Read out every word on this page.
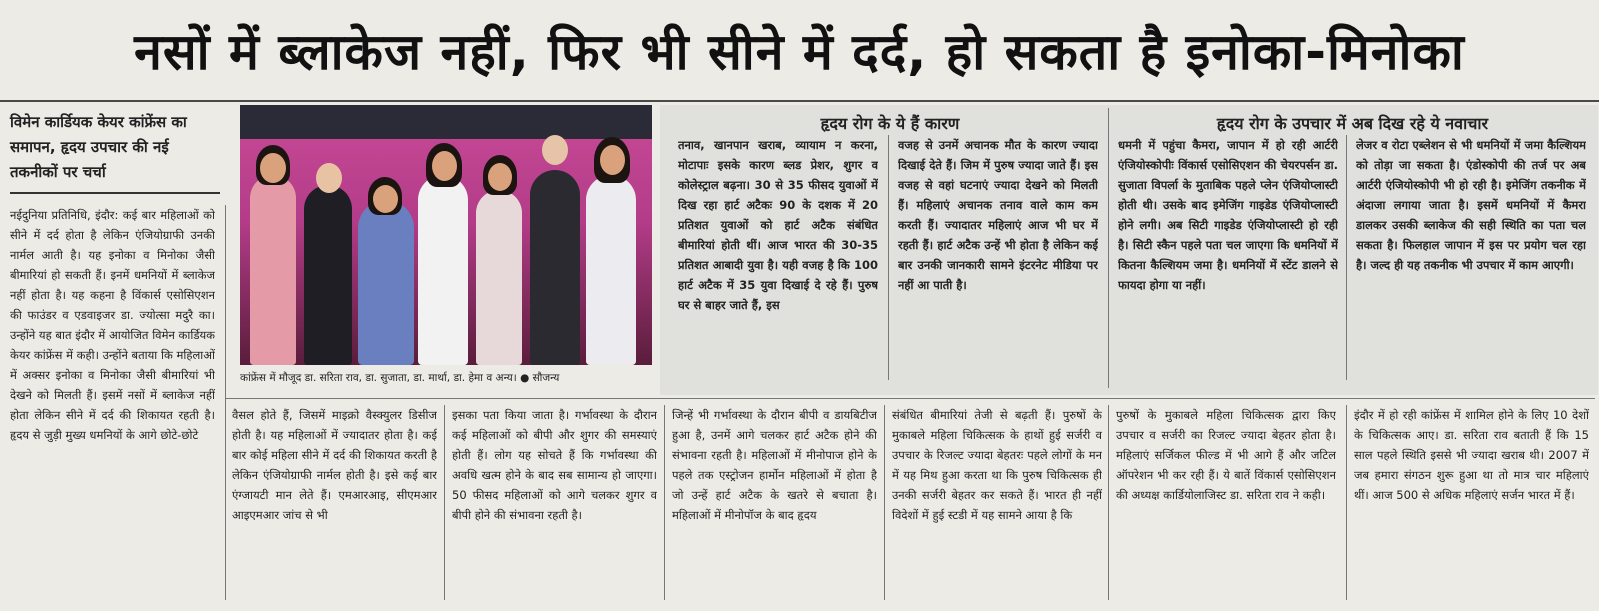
नसों में ब्लाकेज नहीं, फिर भी सीने में दर्द, हो सकता है इनोका-मिनोका
विमेन कार्डियक केयर कांफ्रेंस का समापन, हृदय उपचार की नई तकनीकों पर चर्चा
नईदुनिया प्रतिनिधि, इंदौर: कई बार महिलाओं को सीने में दर्द होता है लेकिन एंजियोग्राफी उनकी नार्मल आती है। यह इनोका व मिनोका जैसी बीमारियां हो सकती हैं। इनमें धमनियों में ब्लाकेज नहीं होता है। यह कहना है विंकार्स एसोसिएशन की फाउंडर व एडवाइजर डा. ज्योत्सा मदुरै का। उन्होंने यह बात इंदौर में आयोजित विमेन कार्डियक केयर कांफ्रेंस में कही। उन्होंने बताया कि महिलाओं में अक्सर इनोका व मिनोका जैसी बीमारियां भी देखने को मिलती हैं। इसमें नसों में ब्लाकेज नहीं होता लेकिन सीने में दर्द की शिकायत रहती है। हृदय से जुड़ी मुख्य धमनियों के आगे छोटे-छोटे
कांफ्रेंस में मौजूद डा. सरिता राव, डा. सुजाता, डा. मार्था, डा. हेमा व अन्य। ● सौजन्य
हृदय रोग के ये हैं कारण
तनाव, खानपान खराब, व्यायाम न करना, मोटापाः इसके कारण ब्लड प्रेशर, शुगर व कोलेस्ट्राल बढ़ना। 30 से 35 फीसद युवाओं में दिख रहा हार्ट अटैकः 90 के दशक में 20 प्रतिशत युवाओं को हार्ट अटैक संबंधित बीमारियां होती थीं। आज भारत की 30-35 प्रतिशत आबादी युवा है। यही वजह है कि 100 हार्ट अटैक में 35 युवा दिखाई दे रहे हैं। पुरुष घर से बाहर जाते हैं, इस
वजह से उनमें अचानक मौत के कारण ज्यादा दिखाई देते हैं। जिम में पुरुष ज्यादा जाते हैं। इस वजह से वहां घटनाएं ज्यादा देखने को मिलती हैं। महिलाएं अचानक तनाव वाले काम कम करती हैं। ज्यादातर महिलाएं आज भी घर में रहती हैं। हार्ट अटैक उन्हें भी होता है लेकिन कई बार उनकी जानकारी सामने इंटरनेट मीडिया पर नहीं आ पाती है।
हृदय रोग के उपचार में अब दिख रहे ये नवाचार
धमनी में पहुंचा कैमरा, जापान में हो रही आर्टरी एंजियोस्कोपीः विंकार्स एसोसिएशन की चेयरपर्सन डा. सुजाता विपर्ला के मुताबिक पहले प्लेन एंजियोप्लास्टी होती थी। उसके बाद इमेजिंग गाइडेड एंजियोप्लास्टी होने लगी। अब सिटी गाइडेड एंजियोप्लास्टी हो रही है। सिटी स्कैन पहले पता चल जाएगा कि धमनियों में कितना कैल्शियम जमा है। धमनियों में स्टेंट डालने से फायदा होगा या नहीं।
लेजर व रोटा एब्लेशन से भी धमनियों में जमा कैल्शियम को तोड़ा जा सकता है। एंडोस्कोपी की तर्ज पर अब आर्टरी एंजियोस्कोपी भी हो रही है। इमेजिंग तकनीक में अंदाजा लगाया जाता है। इसमें धमनियों में कैमरा डालकर उसकी ब्लाकेज की सही स्थिति का पता चल सकता है। फिलहाल जापान में इस पर प्रयोग चल रहा है। जल्द ही यह तकनीक भी उपचार में काम आएगी।
वैसल होते हैं, जिसमें माइक्रो वैस्क्युलर डिसीज होती है। यह महिलाओं में ज्यादातर होता है। कई बार कोई महिला सीने में दर्द की शिकायत करती है लेकिन एंजियोग्राफी नार्मल होती है। इसे कई बार एंग्जायटी मान लेते हैं। एमआरआइ, सीएमआर आइएमआर जांच से भी
इसका पता किया जाता है। गर्भावस्था के दौरान कई महिलाओं को बीपी और शुगर की समस्याएं होती हैं। लोग यह सोचते हैं कि गर्भावस्था की अवधि खत्म होने के बाद सब सामान्य हो जाएगा। 50 फीसद महिलाओं को आगे चलकर शुगर व बीपी होने की संभावना रहती है।
जिन्हें भी गर्भावस्था के दौरान बीपी व डायबिटीज हुआ है, उनमें आगे चलकर हार्ट अटैक होने की संभावना रहती है। महिलाओं में मीनोपाज होने के पहले तक एस्ट्रोजन हार्मोन महिलाओं में होता है जो उन्हें हार्ट अटैक के खतरे से बचाता है। महिलाओं में मीनोपॉज के बाद हृदय
संबंधित बीमारियां तेजी से बढ़ती हैं। पुरुषों के मुकाबले महिला चिकित्सक के हाथों हुई सर्जरी व उपचार के रिजल्ट ज्यादा बेहतरः पहले लोगों के मन में यह मिथ हुआ करता था कि पुरुष चिकित्सक ही उनकी सर्जरी बेहतर कर सकते हैं। भारत ही नहीं विदेशों में हुई स्टडी में यह सामने आया है कि
पुरुषों के मुकाबले महिला चिकित्सक द्वारा किए उपचार व सर्जरी का रिजल्ट ज्यादा बेहतर होता है। महिलाएं सर्जिकल फील्ड में भी आगे हैं और जटिल ऑपरेशन भी कर रही हैं। ये बातें विंकार्स एसोसिएशन की अध्यक्ष कार्डियोलाजिस्ट डा. सरिता राव ने कही।
इंदौर में हो रही कांफ्रेंस में शामिल होने के लिए 10 देशों के चिकित्सक आए। डा. सरिता राव बताती हैं कि 15 साल पहले स्थिति इससे भी ज्यादा खराब थी। 2007 में जब हमारा संगठन शुरू हुआ था तो मात्र चार महिलाएं थीं। आज 500 से अधिक महिलाएं सर्जन भारत में हैं।
